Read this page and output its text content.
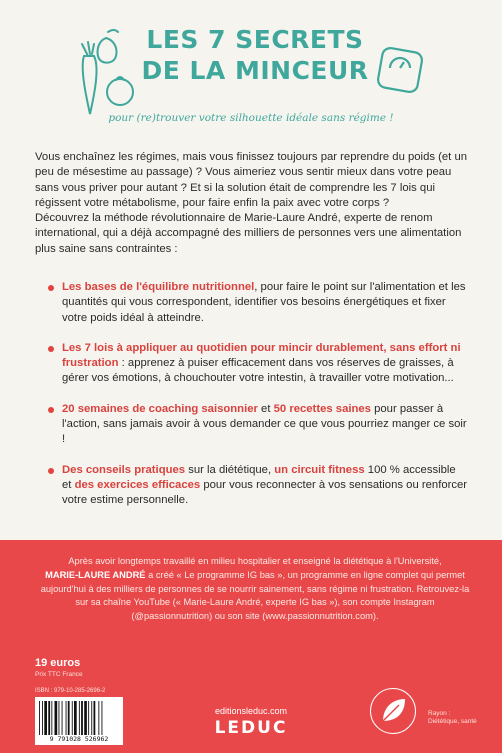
LES 7 SECRETS
DE LA MINCEUR
pour (re)trouver votre silhouette idéale sans régime !

Vous enchaînez les régimes, mais vous finissez toujours par reprendre du poids (et un peu de mésestime au passage) ? Vous aimeriez vous sentir mieux dans votre peau sans vous priver pour autant ? Et si la solution était de comprendre les 7 lois qui régissent votre métabolisme, pour faire enfin la paix avec votre corps ?

Découvrez la méthode révolutionnaire de Marie-Laure André, experte de renom international, qui a déjà accompagné des milliers de personnes vers une alimentation plus saine sans contraintes :

Les bases de l'équilibre nutritionnel, pour faire le point sur l'alimentation et les quantités qui vous correspondent, identifier vos besoins énergétiques et fixer votre poids idéal à atteindre.
Les 7 lois à appliquer au quotidien pour mincir durablement, sans effort ni frustration : apprenez à puiser efficacement dans vos réserves de graisses, à gérer vos émotions, à chouchouter votre intestin, à travailler votre motivation...
20 semaines de coaching saisonnier et 50 recettes saines pour passer à l'action, sans jamais avoir à vous demander ce que vous pourriez manger ce soir !
Des conseils pratiques sur la diététique, un circuit fitness 100 % accessible et des exercices efficaces pour vous reconnecter à vos sensations ou renforcer votre estime personnelle.
Après avoir longtemps travaillé en milieu hospitalier et enseigné la diététique à l'Université,
MARIE-LAURE ANDRÉ a créé « Le programme IG bas », un programme en ligne complet qui permet aujourd'hui à des milliers de personnes de se nourrir sainement, sans régime ni frustration. Retrouvez-la sur sa chaîne YouTube (« Marie-Laure André, experte IG bas »), son compte Instagram (@passionnutrition) ou son site (www.passionnutrition.com).
19 euros
Prix TTC France
ISBN : 979-10-285-2696-2
9 791028 526962
editionsleduc.com
LEDUC
Rayon :
Diététique, santé
